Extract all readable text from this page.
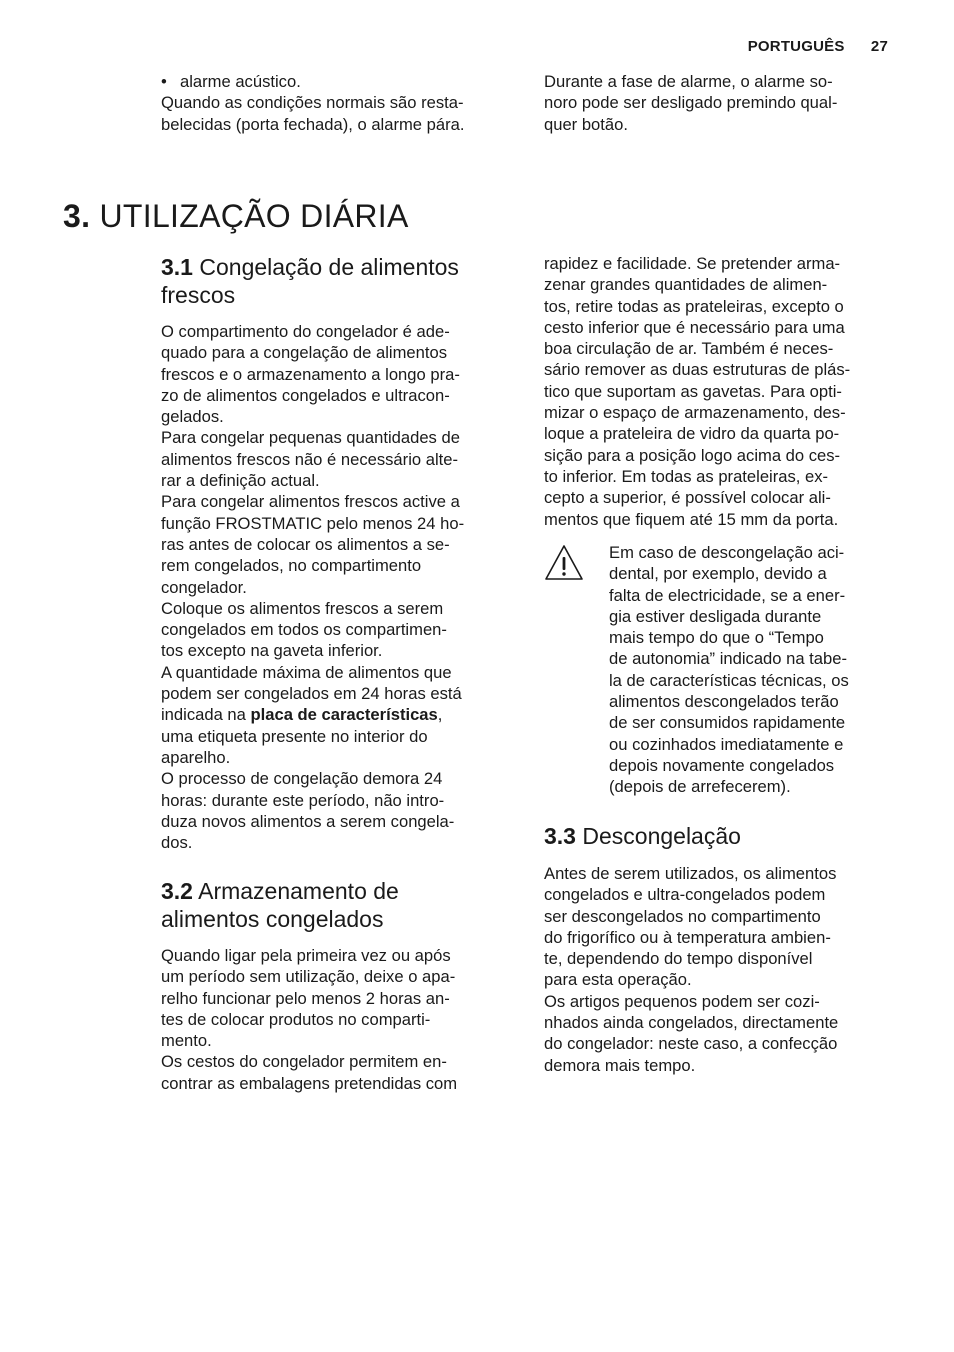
PORTUGUÊS 27
• alarme acústico.

Quando as condições normais são resta-

belecidas (porta fechada), o alarme pára.

Durante a fase de alarme, o alarme so-

noro pode ser desligado premindo qual-

quer botão.

3. UTILIZAÇÃO DIÁRIA
3.1 Congelação de alimentos
frescos

O compartimento do congelador é ade-

quado para a congelação de alimentos

frescos e o armazenamento a longo pra-

zo de alimentos congelados e ultracon-

gelados.

Para congelar pequenas quantidades de

alimentos frescos não é necessário alte-

rar a definição actual.

Para congelar alimentos frescos active a

função FROSTMATIC pelo menos 24 ho-

ras antes de colocar os alimentos a se-

rem congelados, no compartimento

congelador.

Coloque os alimentos frescos a serem

congelados em todos os compartimen-

tos excepto na gaveta inferior.

A quantidade máxima de alimentos que

podem ser congelados em 24 horas está

indicada na placa de características,

uma etiqueta presente no interior do

aparelho.

O processo de congelação demora 24

horas: durante este período, não intro-

duza novos alimentos a serem congela-

dos.

3.2 Armazenamento de
alimentos congelados

Quando ligar pela primeira vez ou após

um período sem utilização, deixe o apa-

relho funcionar pelo menos 2 horas an-

tes de colocar produtos no comparti-

mento.

Os cestos do congelador permitem en-

contrar as embalagens pretendidas com

rapidez e facilidade. Se pretender arma-

zenar grandes quantidades de alimen-

tos, retire todas as prateleiras, excepto o

cesto inferior que é necessário para uma

boa circulação de ar. Também é neces-

sário remover as duas estruturas de plás-

tico que suportam as gavetas. Para opti-

mizar o espaço de armazenamento, des-

loque a prateleira de vidro da quarta po-

sição para a posição logo acima do ces-

to inferior. Em todas as prateleiras, ex-

cepto a superior, é possível colocar ali-

mentos que fiquem até 15 mm da porta.

Em caso de descongelação aci-

dental, por exemplo, devido a

falta de electricidade, se a ener-

gia estiver desligada durante

mais tempo do que o “Tempo

de autonomia” indicado na tabe-

la de características técnicas, os

alimentos descongelados terão

de ser consumidos rapidamente

ou cozinhados imediatamente e

depois novamente congelados

(depois de arrefecerem).

3.3 Descongelação

Antes de serem utilizados, os alimentos

congelados e ultra-congelados podem

ser descongelados no compartimento

do frigorífico ou à temperatura ambien-

te, dependendo do tempo disponível

para esta operação.

Os artigos pequenos podem ser cozi-

nhados ainda congelados, directamente

do congelador: neste caso, a confecção

demora mais tempo.
